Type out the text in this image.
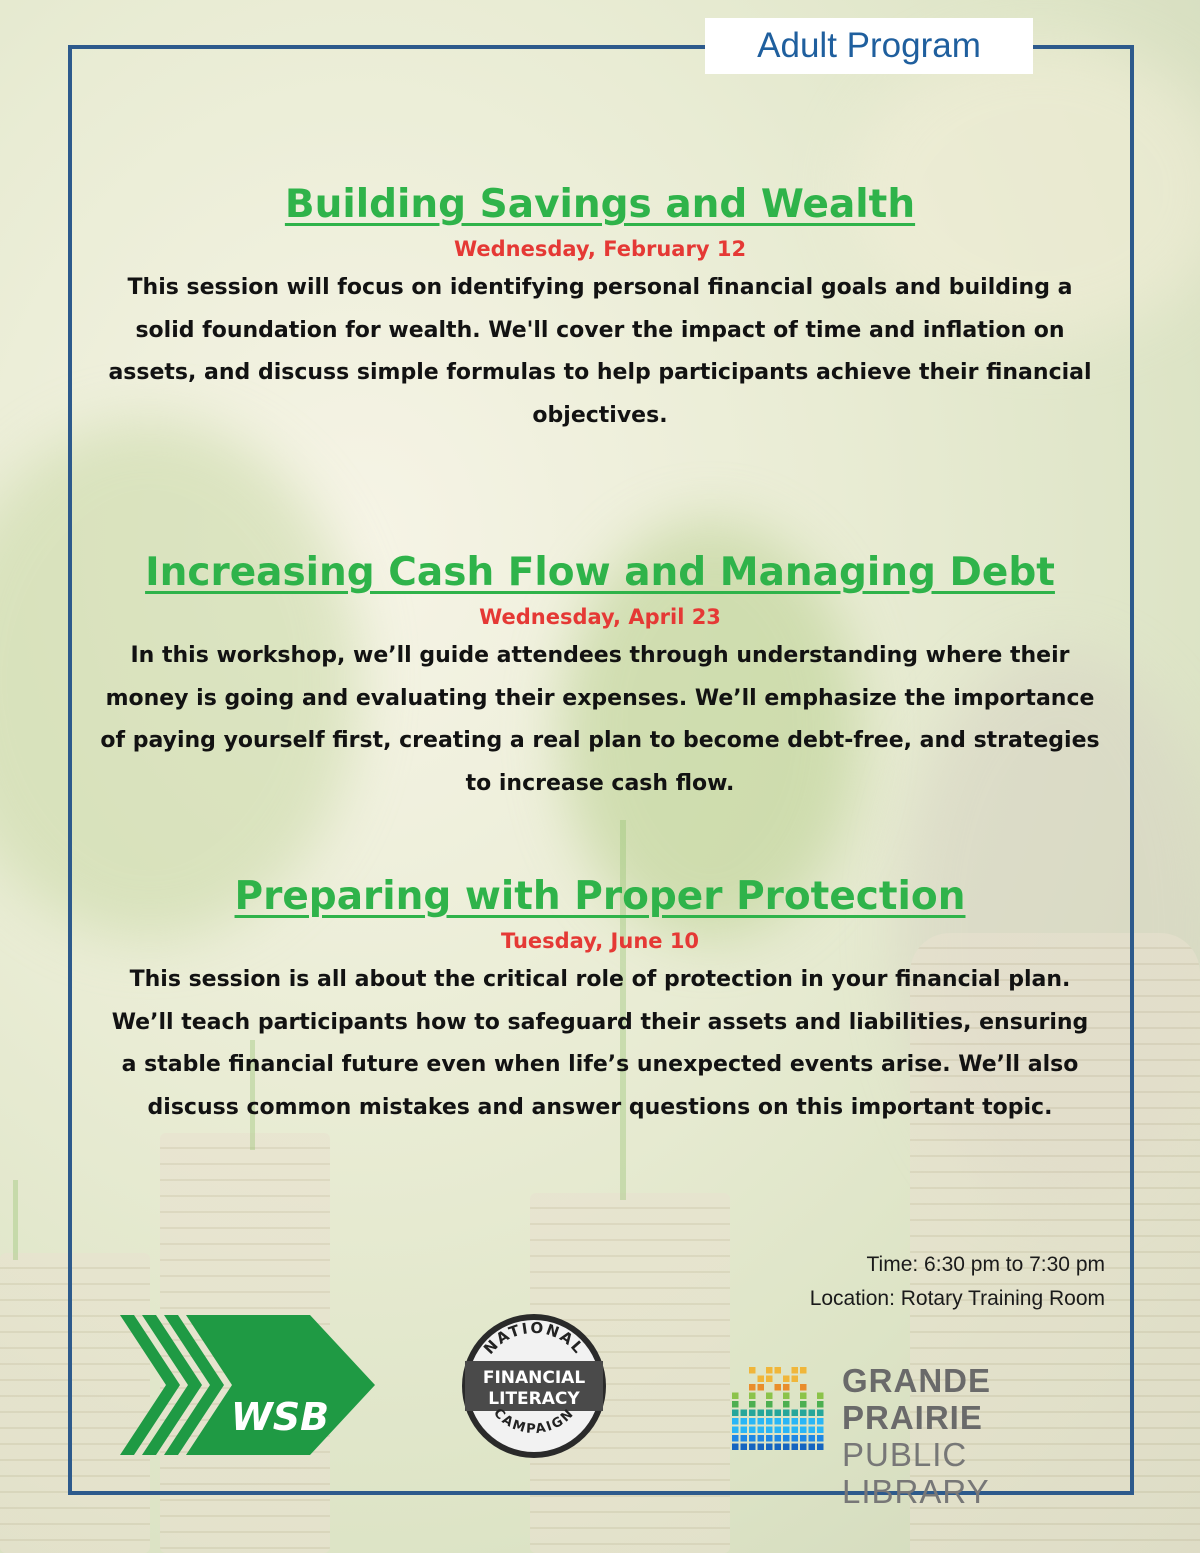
Adult Program
Building Savings and Wealth
Wednesday, February 12

This session will focus on identifying personal financial goals and building a solid foundation for wealth. We'll cover the impact of time and inflation on assets, and discuss simple formulas to help participants achieve their financial objectives.

Increasing Cash Flow and Managing Debt
Wednesday, April 23

In this workshop, we’ll guide attendees through understanding where their money is going and evaluating their expenses. We’ll emphasize the importance of paying yourself first, creating a real plan to become debt-free, and strategies to increase cash flow.

Preparing with Proper Protection
Tuesday, June 10

This session is all about the critical role of protection in your financial plan. We’ll teach participants how to safeguard their assets and liabilities, ensuring a stable financial future even when life’s unexpected events arise. We’ll also discuss common mistakes and answer questions on this important topic.

Time: 6:30 pm to 7:30 pm
Location: Rotary Training Room
WSB
NATIONAL
FINANCIAL
LITERACY
CAMPAIGN
GRANDE PRAIRIE
PUBLIC LIBRARY
